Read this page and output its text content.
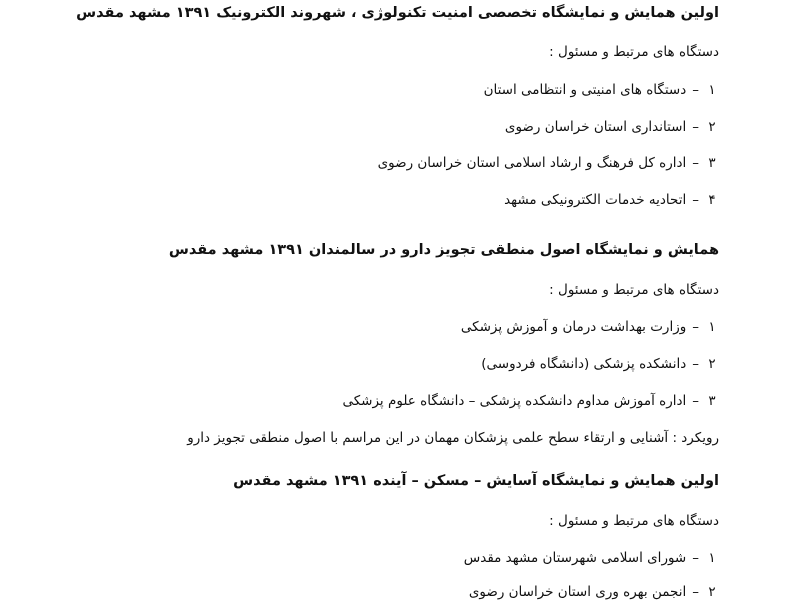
اولین همایش و نمایشگاه تخصصی امنیت تکنولوژی ، شهروند الکترونیک ۱۳۹۱ مشهد مقدس
دستگاه های مرتبط و مسئول :
۱
–
دستگاه های امنیتی و انتظامی استان
۲
–
استانداری استان خراسان رضوی
۳
–
اداره کل فرهنگ و ارشاد اسلامی استان خراسان رضوی
۴
–
اتحادیه خدمات الکترونیکی مشهد
همایش و نمایشگاه اصول منطقی تجویز دارو در سالمندان ۱۳۹۱ مشهد مقدس
دستگاه های مرتبط و مسئول :
۱
–
وزارت بهداشت درمان و آموزش پزشکی
۲
–
دانشکده پزشکی (دانشگاه فردوسی)
۳
–
اداره آموزش مداوم دانشکده پزشکی – دانشگاه علوم پزشکی
رویکرد : آشنایی و ارتقاء سطح علمی پزشکان مهمان در این مراسم با اصول منطقی تجویز دارو
اولین همایش و نمایشگاه آسایش – مسکن – آینده ۱۳۹۱ مشهد مقدس
دستگاه های مرتبط و مسئول :
۱
–
شورای اسلامی شهرستان مشهد مقدس
۲
–
انجمن بهره وری استان خراسان رضوی
